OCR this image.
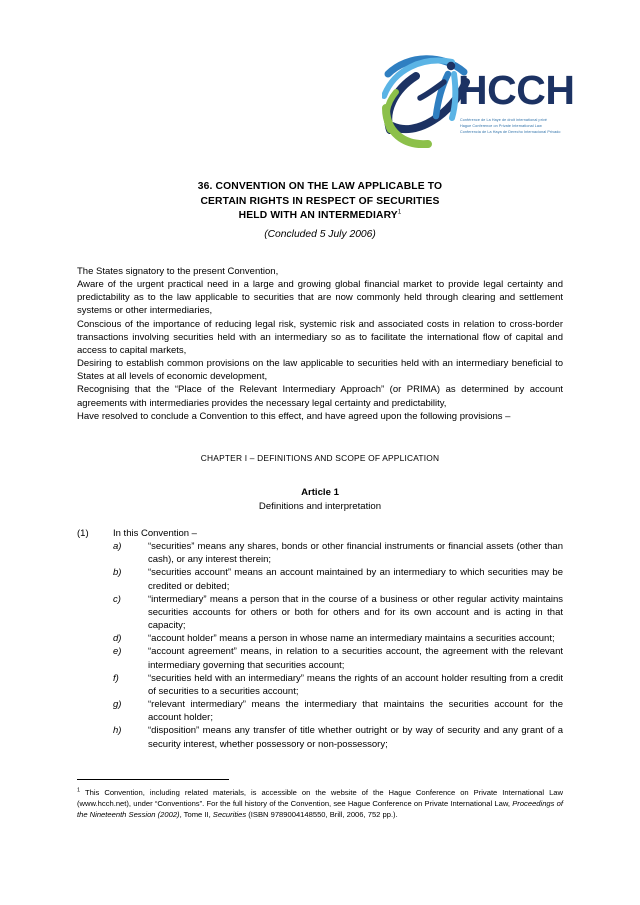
HCCH
Conférence de La Haye de droit international privé
Hague Conference on Private International Law
Conferencia de La Haya de Derecho Internacional Privado
36. CONVENTION ON THE LAW APPLICABLE TO
CERTAIN RIGHTS IN RESPECT OF SECURITIES
HELD WITH AN INTERMEDIARY$^1$
(Concluded 5 July 2006)

The States signatory to the present Convention,

Aware of the urgent practical need in a large and growing global financial market to provide legal certainty and predictability as to the law applicable to securities that are now commonly held through clearing and settlement systems or other intermediaries,

Conscious of the importance of reducing legal risk, systemic risk and associated costs in relation to cross-border transactions involving securities held with an intermediary so as to facilitate the international flow of capital and access to capital markets,

Desiring to establish common provisions on the law applicable to securities held with an intermediary beneficial to States at all levels of economic development,

Recognising that the “Place of the Relevant Intermediary Approach” (or PRIMA) as determined by account agreements with intermediaries provides the necessary legal certainty and predictability,

Have resolved to conclude a Convention to this effect, and have agreed upon the following provisions –

CHAPTER I – DEFINITIONS AND SCOPE OF APPLICATION
Article 1
Definitions and interpretation
(1)	In this Convention –
a)	“securities” means any shares, bonds or other financial instruments or financial assets (other than cash), or any interest therein;
b)	“securities account” means an account maintained by an intermediary to which securities may be credited or debited;
c)	“intermediary” means a person that in the course of a business or other regular activity maintains securities accounts for others or both for others and for its own account and is acting in that capacity;
d)	“account holder” means a person in whose name an intermediary maintains a securities account;
e)	“account agreement” means, in relation to a securities account, the agreement with the relevant intermediary governing that securities account;
f)	“securities held with an intermediary” means the rights of an account holder resulting from a credit of securities to a securities account;
g)	“relevant intermediary” means the intermediary that maintains the securities account for the account holder;
h)	“disposition” means any transfer of title whether outright or by way of security and any grant of a security interest, whether possessory or non-possessory;
$^1$ This Convention, including related materials, is accessible on the website of the Hague Conference on Private International Law (www.hcch.net), under “Conventions”. For the full history of the Convention, see Hague Conference on Private International Law, Proceedings of the Nineteenth Session (2002), Tome II, Securities (ISBN 9789004148550, Brill, 2006, 752 pp.).
